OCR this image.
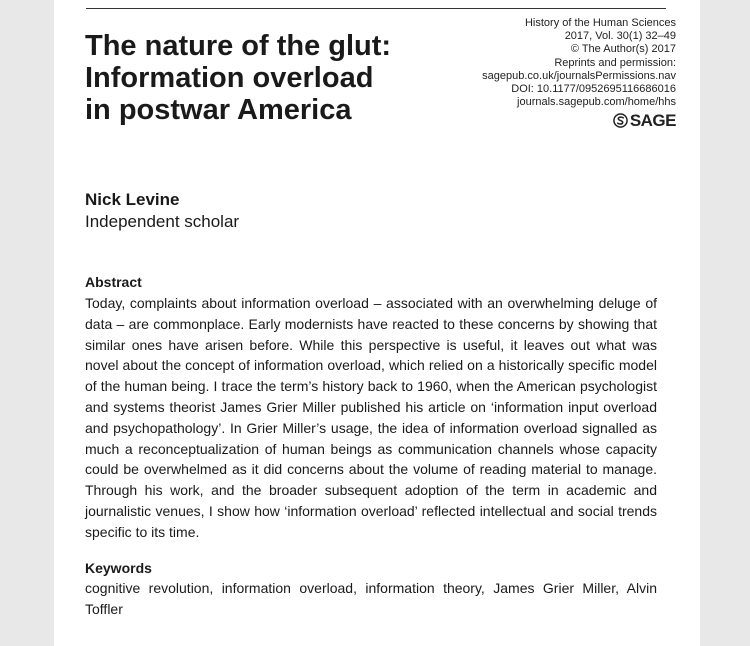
The nature of the glut:
Information overload
in postwar America
History of the Human Sciences
2017, Vol. 30(1) 32–49
© The Author(s) 2017
Reprints and permission:
sagepub.co.uk/journalsPermissions.nav
DOI: 10.1177/0952695116686016
journals.sagepub.com/home/hhs
SAGE
Nick Levine
Independent scholar
Abstract

Today, complaints about information overload – associated with an overwhelming deluge of data – are commonplace. Early modernists have reacted to these concerns by showing that similar ones have arisen before. While this perspective is useful, it leaves out what was novel about the concept of information overload, which relied on a historically specific model of the human being. I trace the term’s history back to 1960, when the American psychologist and systems theorist James Grier Miller published his article on ‘information input overload and psychopathology’. In Grier Miller’s usage, the idea of information overload signalled as much a reconceptualization of human beings as communication channels whose capacity could be overwhelmed as it did concerns about the volume of reading material to manage. Through his work, and the broader subsequent adoption of the term in academic and journalistic venues, I show how ‘information overload’ reflected intellectual and social trends specific to its time.

Keywords

cognitive revolution, information overload, information theory, James Grier Miller, Alvin Toffler
